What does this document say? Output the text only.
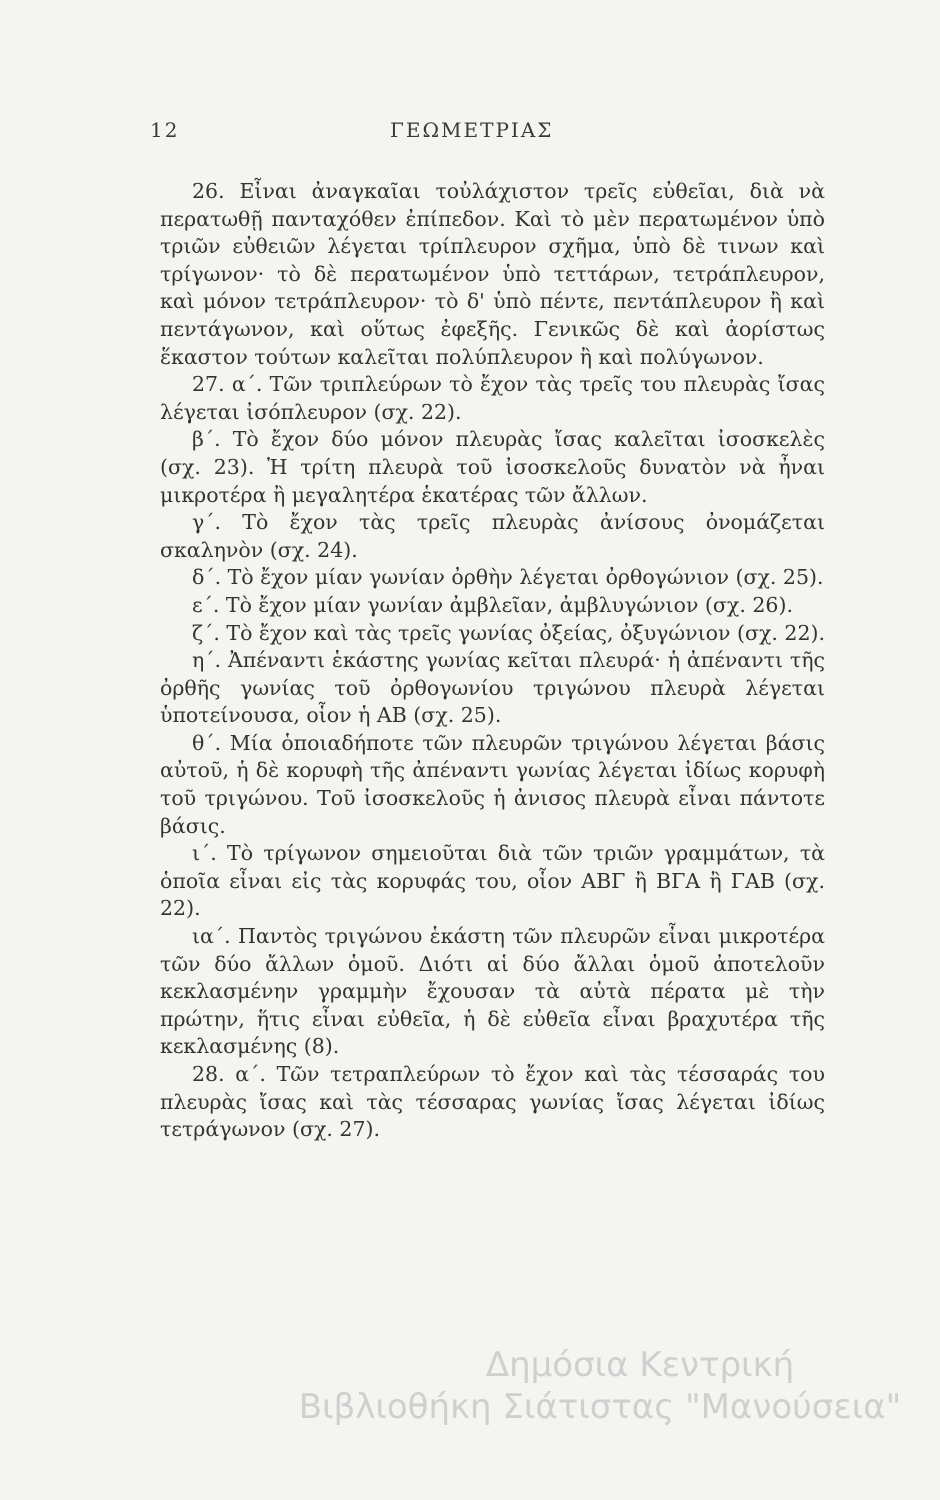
12	ΓΕΩΜΕΤΡΙΑΣ

26. Εἶναι ἀναγκαῖαι τοὐλάχιστον τρεῖς εὐθεῖαι, διὰ νὰ περατωθῇ πανταχόθεν ἐπίπεδον. Καὶ τὸ μὲν περατωμένον ὑπὸ τριῶν εὐθειῶν λέγεται τρίπλευρον σχῆμα, ὑπὸ δὲ τινων καὶ τρίγωνον· τὸ δὲ περατωμένον ὑπὸ τεττάρων, τετράπλευρον, καὶ μόνον τετράπλευρον· τὸ δ' ὑπὸ πέντε, πεντάπλευρον ἢ καὶ πεντάγωνον, καὶ οὕτως ἐφεξῆς. Γενικῶς δὲ καὶ ἀορίστως ἕκαστον τούτων καλεῖται πολύπλευρον ἢ καὶ πολύγωνον.

27. α΄. Τῶν τριπλεύρων τὸ ἔχον τὰς τρεῖς του πλευρὰς ἴσας λέγεται ἰσόπλευρον (σχ. 22).

β΄. Τὸ ἔχον δύο μόνον πλευρὰς ἴσας καλεῖται ἰσοσκελὲς (σχ. 23). Ἡ τρίτη πλευρὰ τοῦ ἰσοσκελοῦς δυνατὸν νὰ ἦναι μικροτέρα ἢ μεγαλητέρα ἑκατέρας τῶν ἄλλων.

γ΄. Τὸ ἔχον τὰς τρεῖς πλευρὰς ἀνίσους ὀνομάζεται σκαληνὸν (σχ. 24).

δ΄. Τὸ ἔχον μίαν γωνίαν ὀρθὴν λέγεται ὀρθογώνιον (σχ. 25).

ε΄. Τὸ ἔχον μίαν γωνίαν ἀμβλεῖαν, ἀμβλυγώνιον (σχ. 26).

ζ΄. Τὸ ἔχον καὶ τὰς τρεῖς γωνίας ὀξείας, ὀξυγώνιον (σχ. 22).

η΄. Ἀπέναντι ἑκάστης γωνίας κεῖται πλευρά· ἡ ἀπέναντι τῆς ὀρθῆς γωνίας τοῦ ὀρθογωνίου τριγώνου πλευρὰ λέγεται ὑποτείνουσα, οἷον ἡ ΑΒ (σχ. 25).

θ΄. Μία ὁποιαδήποτε τῶν πλευρῶν τριγώνου λέγεται βάσις αὐτοῦ, ἡ δὲ κορυφὴ τῆς ἀπέναντι γωνίας λέγεται ἰδίως κορυφὴ τοῦ τριγώνου. Τοῦ ἰσοσκελοῦς ἡ ἀνισος πλευρὰ εἶναι πάντοτε βάσις.

ι΄. Τὸ τρίγωνον σημειοῦται διὰ τῶν τριῶν γραμμάτων, τὰ ὁποῖα εἶναι εἰς τὰς κορυφάς του, οἷον ΑΒΓ ἢ ΒΓΑ ἢ ΓΑΒ (σχ. 22).

ια΄. Παντὸς τριγώνου ἑκάστη τῶν πλευρῶν εἶναι μικροτέρα τῶν δύο ἄλλων ὁμοῦ. Διότι αἱ δύο ἄλλαι ὁμοῦ ἀποτελοῦν κεκλασμένην γραμμὴν ἔχουσαν τὰ αὐτὰ πέρατα μὲ τὴν πρώτην, ἥτις εἶναι εὐθεῖα, ἡ δὲ εὐθεῖα εἶναι βραχυτέρα τῆς κεκλασμένης (8).

28. α΄. Τῶν τετραπλεύρων τὸ ἔχον καὶ τὰς τέσσαράς του πλευρὰς ἴσας καὶ τὰς τέσσαρας γωνίας ἴσας λέγεται ἰδίως τετράγωνον (σχ. 27).

Δημόσια Κεντρική
Βιβλιοθήκη Σιάτιστας "Μανούσεια"
